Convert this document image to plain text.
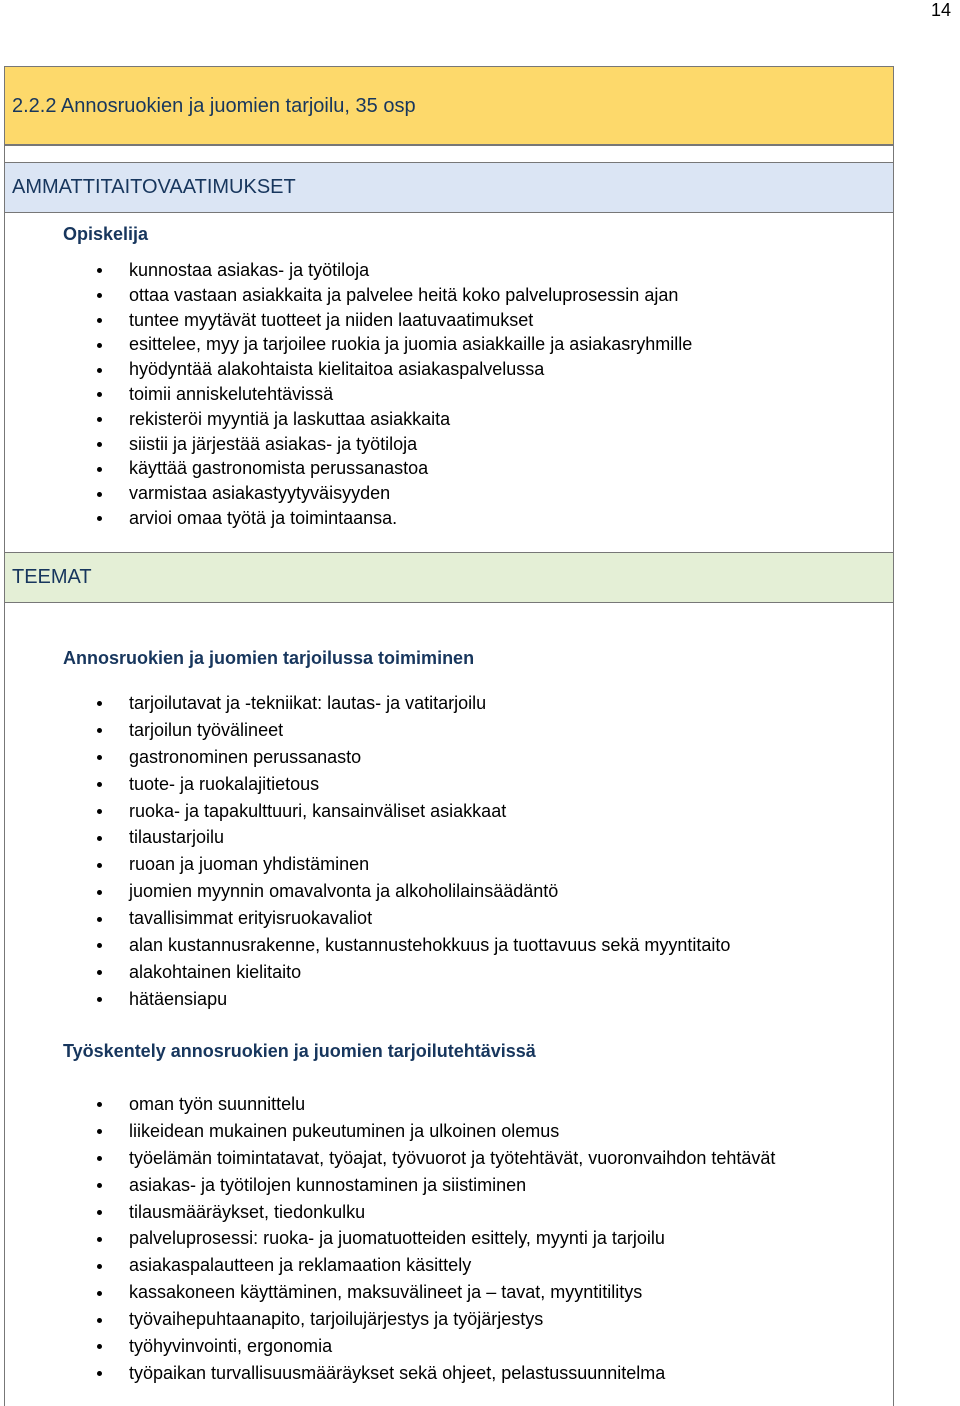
14
2.2.2 Annosruokien ja juomien tarjoilu, 35 osp
AMMATTITAITOVAATIMUKSET
Opiskelija
kunnostaa asiakas- ja työtiloja
ottaa vastaan asiakkaita ja palvelee heitä koko palveluprosessin ajan
tuntee myytävät tuotteet ja niiden laatuvaatimukset
esittelee, myy ja tarjoilee ruokia ja juomia asiakkaille ja asiakasryhmille
hyödyntää alakohtaista kielitaitoa asiakaspalvelussa
toimii anniskelutehtävissä
rekisteröi myyntiä ja laskuttaa asiakkaita
siistii ja järjestää asiakas- ja työtiloja
käyttää gastronomista perussanastoa
varmistaa asiakastyytyväisyyden
arvioi omaa työtä ja toimintaansa.
TEEMAT
Annosruokien ja juomien tarjoilussa toimiminen
tarjoilutavat ja -tekniikat: lautas- ja vatitarjoilu
tarjoilun työvälineet
gastronominen perussanasto
tuote- ja ruokalajitietous
ruoka- ja tapakulttuuri, kansainväliset asiakkaat
tilaustarjoilu
ruoan ja juoman yhdistäminen
juomien myynnin omavalvonta ja alkoholilainsäädäntö
tavallisimmat erityisruokavaliot
alan kustannusrakenne, kustannustehokkuus ja tuottavuus sekä myyntitaito
alakohtainen kielitaito
hätäensiapu
Työskentely annosruokien ja juomien tarjoilutehtävissä
oman työn suunnittelu
liikeidean mukainen pukeutuminen ja ulkoinen olemus
työelämän toimintatavat, työajat, työvuorot ja työtehtävät, vuoronvaihdon tehtävät
asiakas- ja työtilojen kunnostaminen ja siistiminen
tilausmääräykset, tiedonkulku
palveluprosessi: ruoka- ja juomatuotteiden esittely, myynti ja tarjoilu
asiakaspalautteen ja reklamaation käsittely
kassakoneen käyttäminen, maksuvälineet ja – tavat, myyntitilitys
työvaihepuhtaanapito, tarjoilujärjestys ja työjärjestys
työhyvinvointi, ergonomia
työpaikan turvallisuusmääräykset sekä ohjeet, pelastussuunnitelma
